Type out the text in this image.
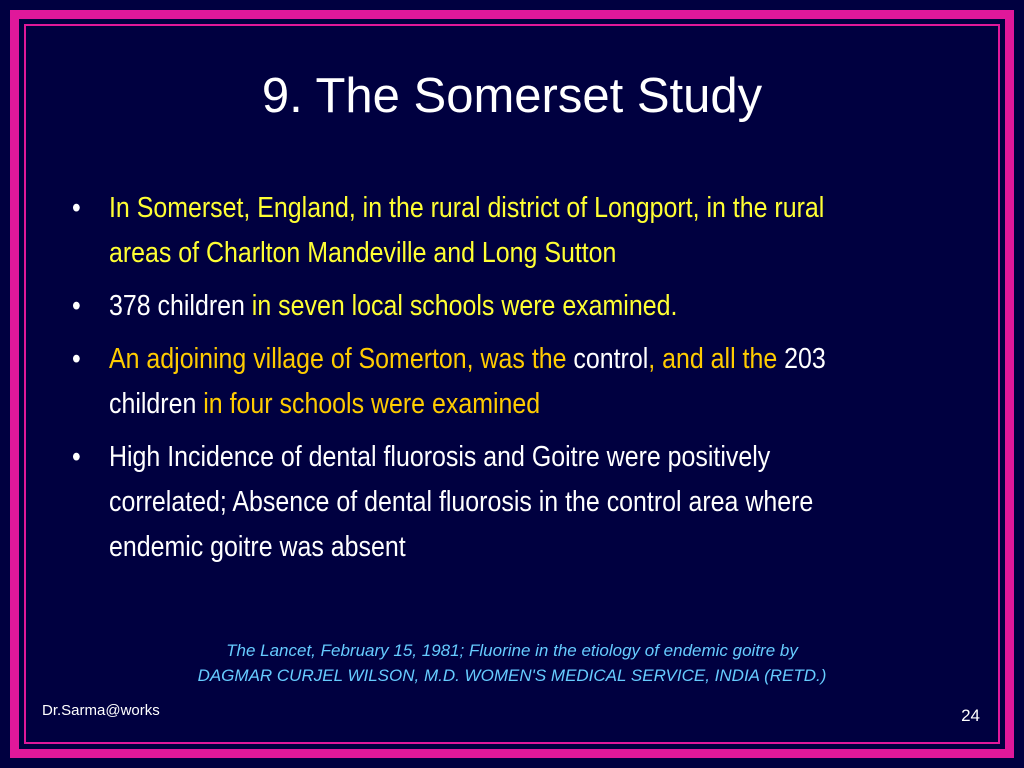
9. The Somerset Study
• In Somerset, England, in the rural district of Longport, in the rural areas of Charlton Mandeville and Long Sutton
• 378 children in seven local schools were examined.
• An adjoining village of Somerton, was the control, and all the 203 children in four schools were examined
• High Incidence of dental fluorosis and Goitre were positively correlated; Absence of dental fluorosis in the control area where endemic goitre was absent

The Lancet, February 15, 1981; Fluorine in the etiology of endemic goitre by
DAGMAR CURJEL WILSON, M.D. WOMEN'S MEDICAL SERVICE, INDIA (RETD.)

Dr.Sarma@works	24
